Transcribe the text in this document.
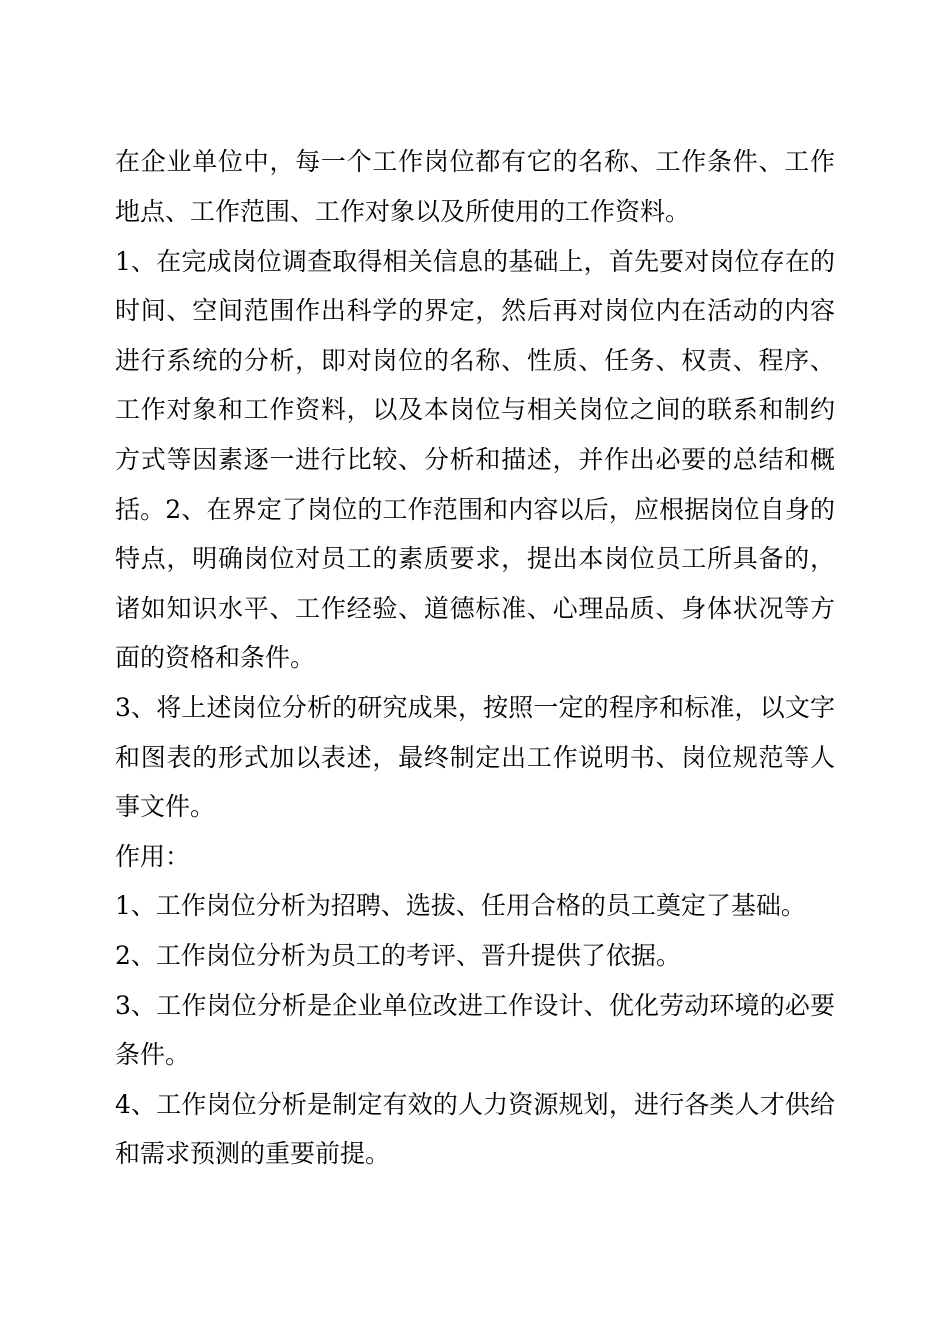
在企业单位中，每一个工作岗位都有它的名称、工作条件、工作
地点、工作范围、工作对象以及所使用的工作资料。
1、在完成岗位调查取得相关信息的基础上，首先要对岗位存在的
时间、空间范围作出科学的界定，然后再对岗位内在活动的内容
进行系统的分析，即对岗位的名称、性质、任务、权责、程序、
工作对象和工作资料，以及本岗位与相关岗位之间的联系和制约
方式等因素逐一进行比较、分析和描述，并作出必要的总结和概
括。2、在界定了岗位的工作范围和内容以后，应根据岗位自身的
特点，明确岗位对员工的素质要求，提出本岗位员工所具备的，
诸如知识水平、工作经验、道德标准、心理品质、身体状况等方
面的资格和条件。
3、将上述岗位分析的研究成果，按照一定的程序和标准，以文字
和图表的形式加以表述，最终制定出工作说明书、岗位规范等人
事文件。
作用：
1、工作岗位分析为招聘、选拔、任用合格的员工奠定了基础。
2、工作岗位分析为员工的考评、晋升提供了依据。
3、工作岗位分析是企业单位改进工作设计、优化劳动环境的必要
条件。
4、工作岗位分析是制定有效的人力资源规划，进行各类人才供给
和需求预测的重要前提。
